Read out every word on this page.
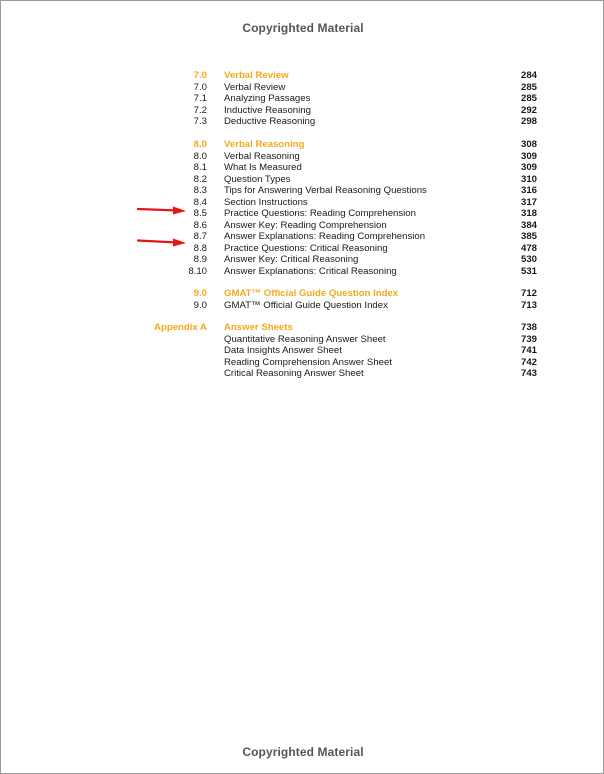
Copyrighted Material
7.0 Verbal Review	284
7.0 Verbal Review	285
7.1 Analyzing Passages	285
7.2 Inductive Reasoning	292
7.3 Deductive Reasoning	298
8.0 Verbal Reasoning	308
8.0 Verbal Reasoning	309
8.1 What Is Measured	309
8.2 Question Types	310
8.3 Tips for Answering Verbal Reasoning Questions	316
8.4 Section Instructions	317
8.5 Practice Questions: Reading Comprehension	318
8.6 Answer Key: Reading Comprehension	384
8.7 Answer Explanations: Reading Comprehension	385
8.8 Practice Questions: Critical Reasoning	478
8.9 Answer Key: Critical Reasoning	530
8.10 Answer Explanations: Critical Reasoning	531
9.0 GMAT™ Official Guide Question Index	712
9.0 GMAT™ Official Guide Question Index	713
Appendix A Answer Sheets	738
Quantitative Reasoning Answer Sheet	739
Data Insights Answer Sheet	741
Reading Comprehension Answer Sheet	742
Critical Reasoning Answer Sheet	743
Copyrighted Material
